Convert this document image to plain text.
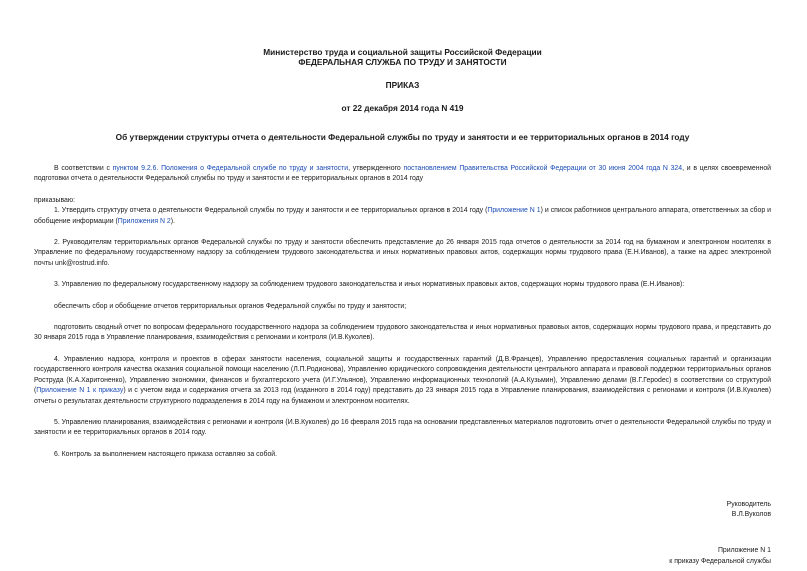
Министерство труда и социальной защиты Российской Федерации
ФЕДЕРАЛЬНАЯ СЛУЖБА ПО ТРУДУ И ЗАНЯТОСТИ
ПРИКАЗ
от 22 декабря 2014 года N 419
Об утверждении структуры отчета о деятельности Федеральной службы по труду и занятости и ее территориальных органов в 2014 году

В соответствии с пунктом 9.2.6. Положения о Федеральной службе по труду и занятости, утвержденного постановлением Правительства Российской Федерации от 30 июня 2004 года N 324, и в целях своевременной подготовки отчета о деятельности Федеральной службы по труду и занятости и ее территориальных органов в 2014 году

приказываю:

1. Утвердить структуру отчета о деятельности Федеральной службы по труду и занятости и ее территориальных органов в 2014 году (Приложение N 1) и список работников центрального аппарата, ответственных за сбор и обобщение информации (Приложения N 2).

2. Руководителям территориальных органов Федеральной службы по труду и занятости обеспечить представление до 26 января 2015 года отчетов о деятельности за 2014 год на бумажном и электронном носителях в Управление по федеральному государственному надзору за соблюдением трудового законодательства и иных нормативных правовых актов, содержащих нормы трудового права (Е.Н.Иванов), а также на адрес электронной почты unk@rostrud.info.

3. Управлению по федеральному государственному надзору за соблюдением трудового законодательства и иных нормативных правовых актов, содержащих нормы трудового права (Е.Н.Иванов):

обеспечить сбор и обобщение отчетов территориальных органов Федеральной службы по труду и занятости;

подготовить сводный отчет по вопросам федерального государственного надзора за соблюдением трудового законодательства и иных нормативных правовых актов, содержащих нормы трудового права, и представить до 30 января 2015 года в Управление планирования, взаимодействия с регионами и контроля (И.В.Куколев).

4. Управлению надзора, контроля и проектов в сферах занятости населения, социальной защиты и государственных гарантий (Д.В.Францев), Управлению предоставления социальных гарантий и организации государственного контроля качества оказания социальной помощи населению (Л.П.Родионова), Управлению юридического сопровождения деятельности центрального аппарата и правовой поддержки территориальных органов Роструда (К.А.Харитоненко), Управлению экономики, финансов и бухгалтерского учета (И.Г.Ульянов), Управлению информационных технологий (А.А.Кузьмин), Управлению делами (В.Г.Героdec) в соответствии со структурой (Приложение N 1 к приказу) и с учетом вида и содержания отчета за 2013 год (изданного в 2014 году) представить до 23 января 2015 года в Управление планирования, взаимодействия с регионами и контроля (И.В.Куколев) отчеты о результатах деятельности структурного подразделения в 2014 году на бумажном и электронном носителях.

5. Управлению планирования, взаимодействия с регионами и контроля (И.В.Куколев) до 16 февраля 2015 года на основании представленных материалов подготовить отчет о деятельности Федеральной службы по труду и занятости и ее территориальных органов в 2014 году.

6. Контроль за выполнением настоящего приказа оставляю за собой.

Руководитель
В.Л.Вуколов
Приложение N 1
к приказу Федеральной службы
